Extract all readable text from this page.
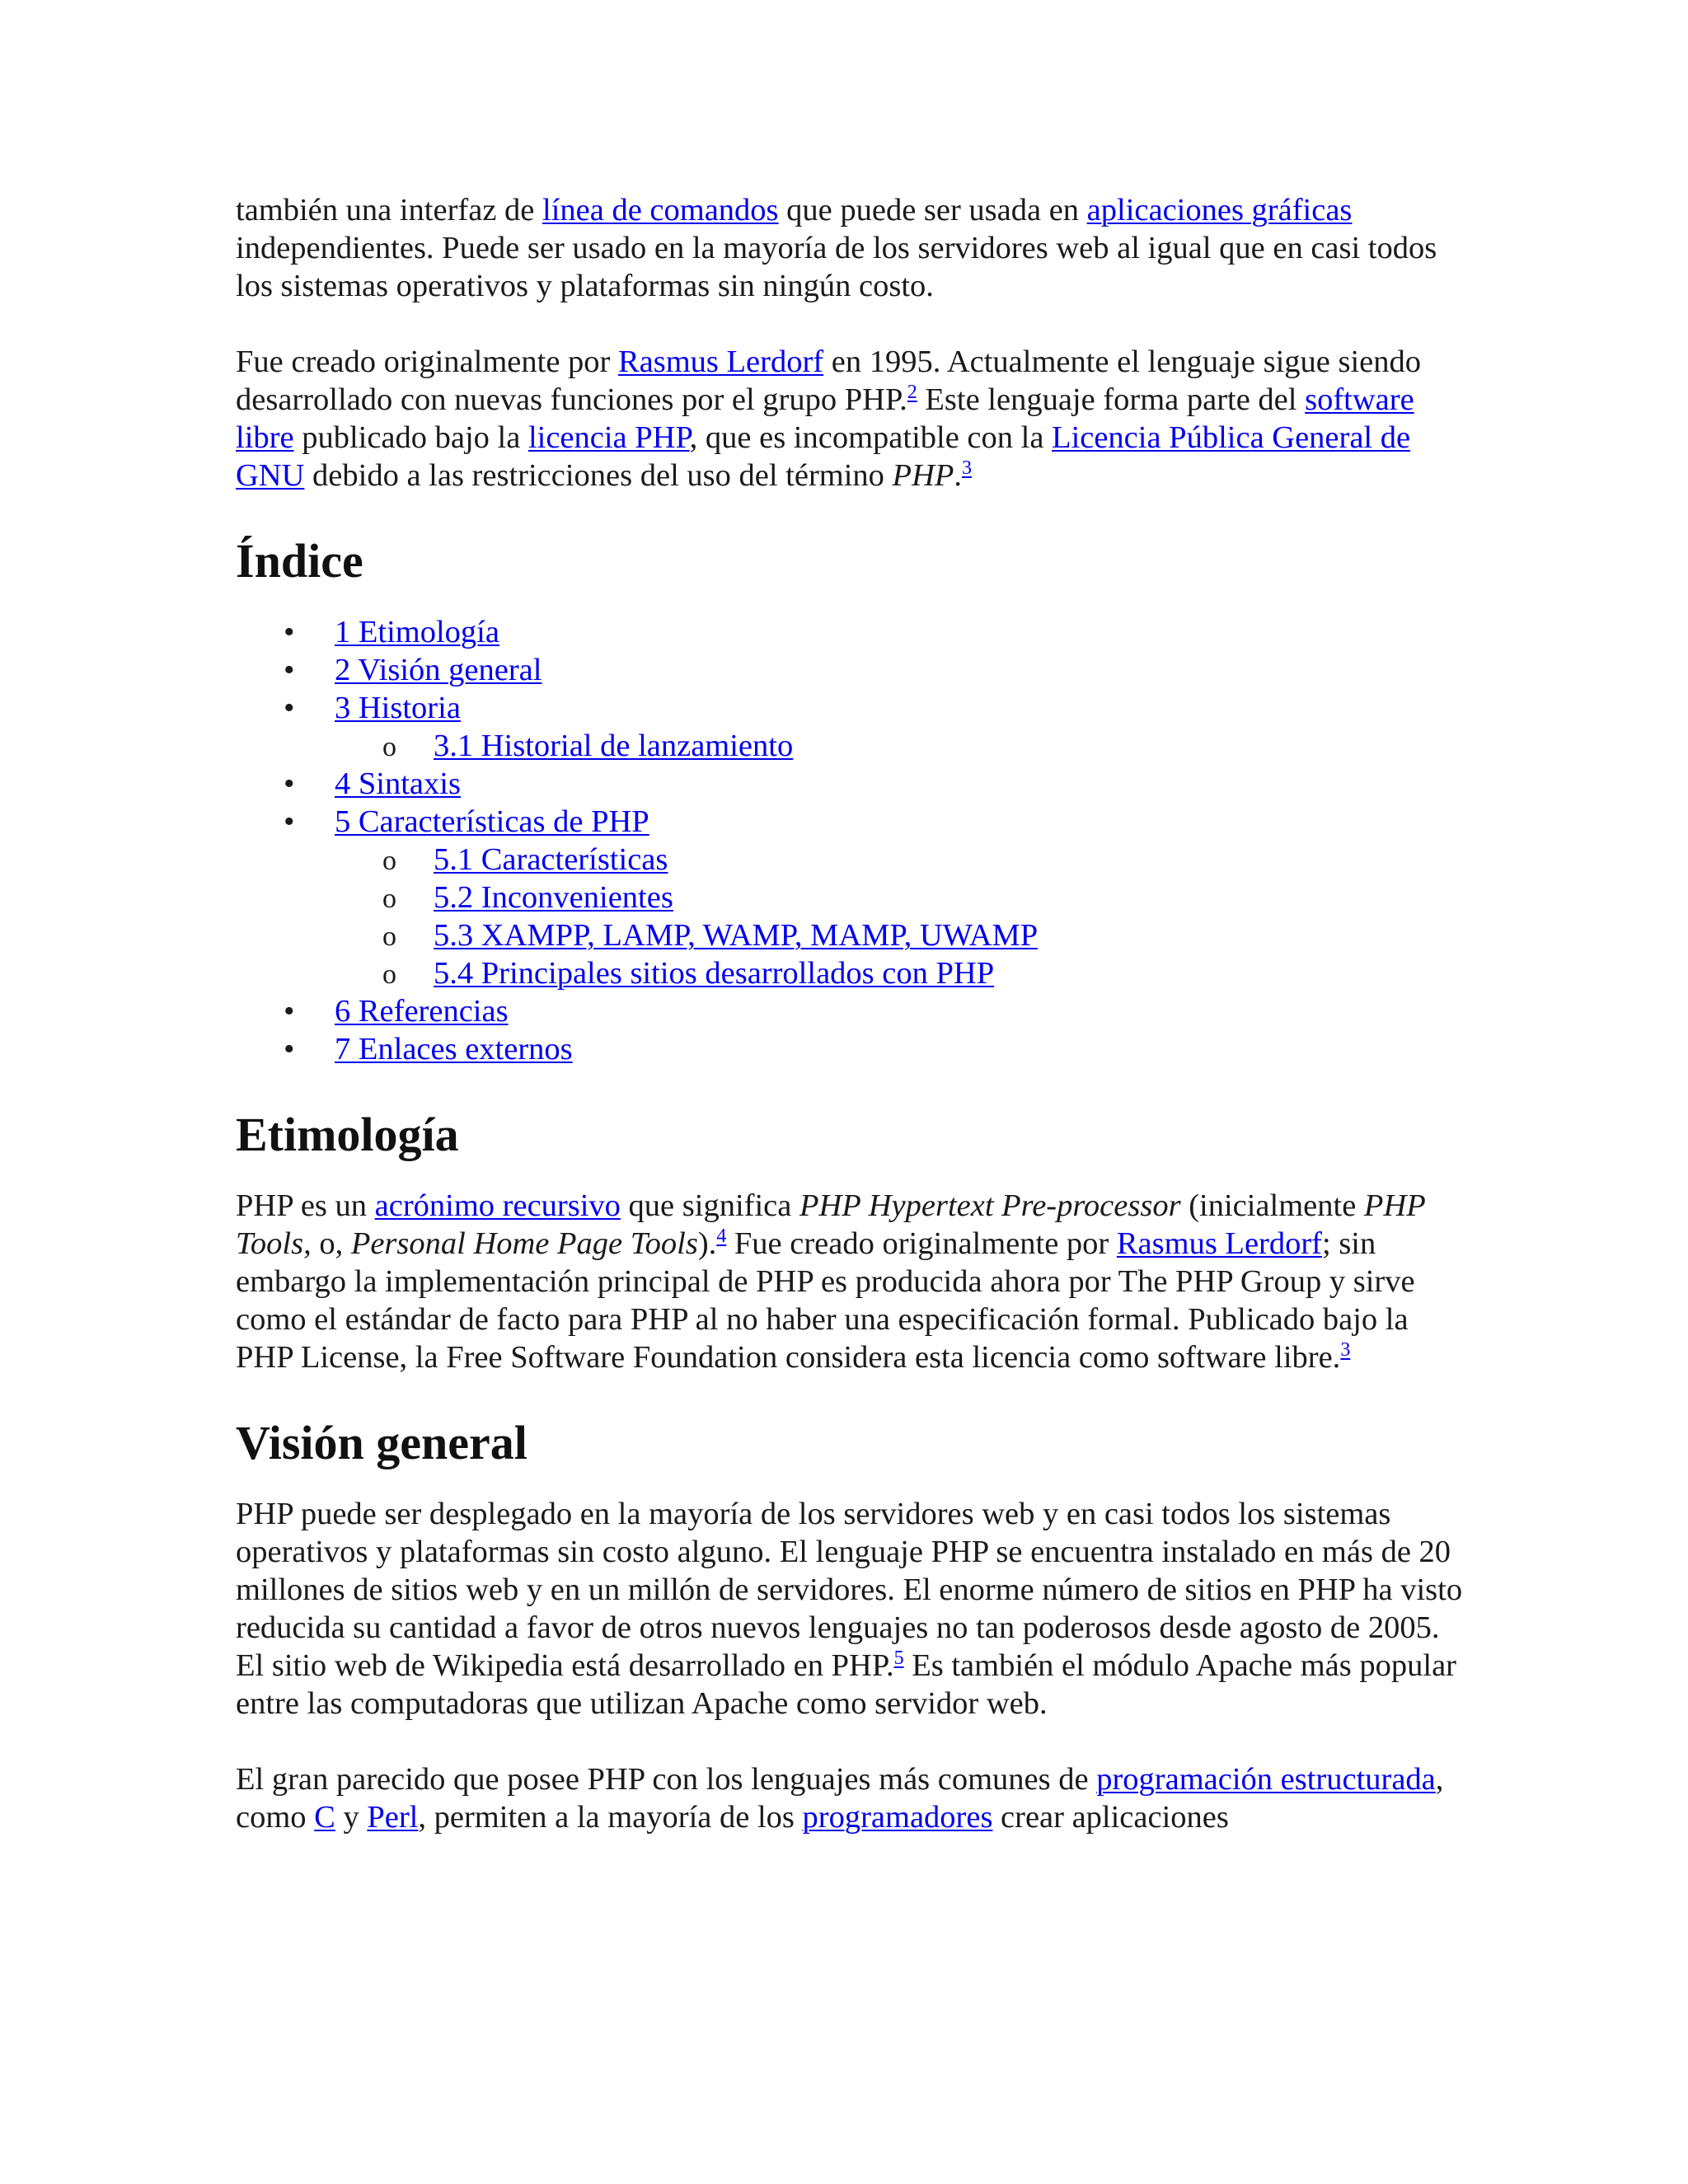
también una interfaz de línea de comandos que puede ser usada en aplicaciones gráficas independientes. Puede ser usado en la mayoría de los servidores web al igual que en casi todos los sistemas operativos y plataformas sin ningún costo.

Fue creado originalmente por Rasmus Lerdorf en 1995. Actualmente el lenguaje sigue siendo desarrollado con nuevas funciones por el grupo PHP.$^2$ Este lenguaje forma parte del software libre publicado bajo la licencia PHP, que es incompatible con la Licencia Pública General de GNU debido a las restricciones del uso del término PHP.$^3$

Índice
• 1 Etimología
• 2 Visión general
• 3 Historia
o 3.1 Historial de lanzamiento
• 4 Sintaxis
• 5 Características de PHP
o 5.1 Características
o 5.2 Inconvenientes
o 5.3 XAMPP, LAMP, WAMP, MAMP, UWAMP
o 5.4 Principales sitios desarrollados con PHP
• 6 Referencias
• 7 Enlaces externos
Etimología

PHP es un acrónimo recursivo que significa PHP Hypertext Pre-processor (inicialmente PHP Tools, o, Personal Home Page Tools).$^4$ Fue creado originalmente por Rasmus Lerdorf; sin embargo la implementación principal de PHP es producida ahora por The PHP Group y sirve como el estándar de facto para PHP al no haber una especificación formal. Publicado bajo la PHP License, la Free Software Foundation considera esta licencia como software libre.$^3$

Visión general

PHP puede ser desplegado en la mayoría de los servidores web y en casi todos los sistemas operativos y plataformas sin costo alguno. El lenguaje PHP se encuentra instalado en más de 20 millones de sitios web y en un millón de servidores. El enorme número de sitios en PHP ha visto reducida su cantidad a favor de otros nuevos lenguajes no tan poderosos desde agosto de 2005. El sitio web de Wikipedia está desarrollado en PHP.$^5$ Es también el módulo Apache más popular entre las computadoras que utilizan Apache como servidor web.

El gran parecido que posee PHP con los lenguajes más comunes de programación estructurada, como C y Perl, permiten a la mayoría de los programadores crear aplicaciones
